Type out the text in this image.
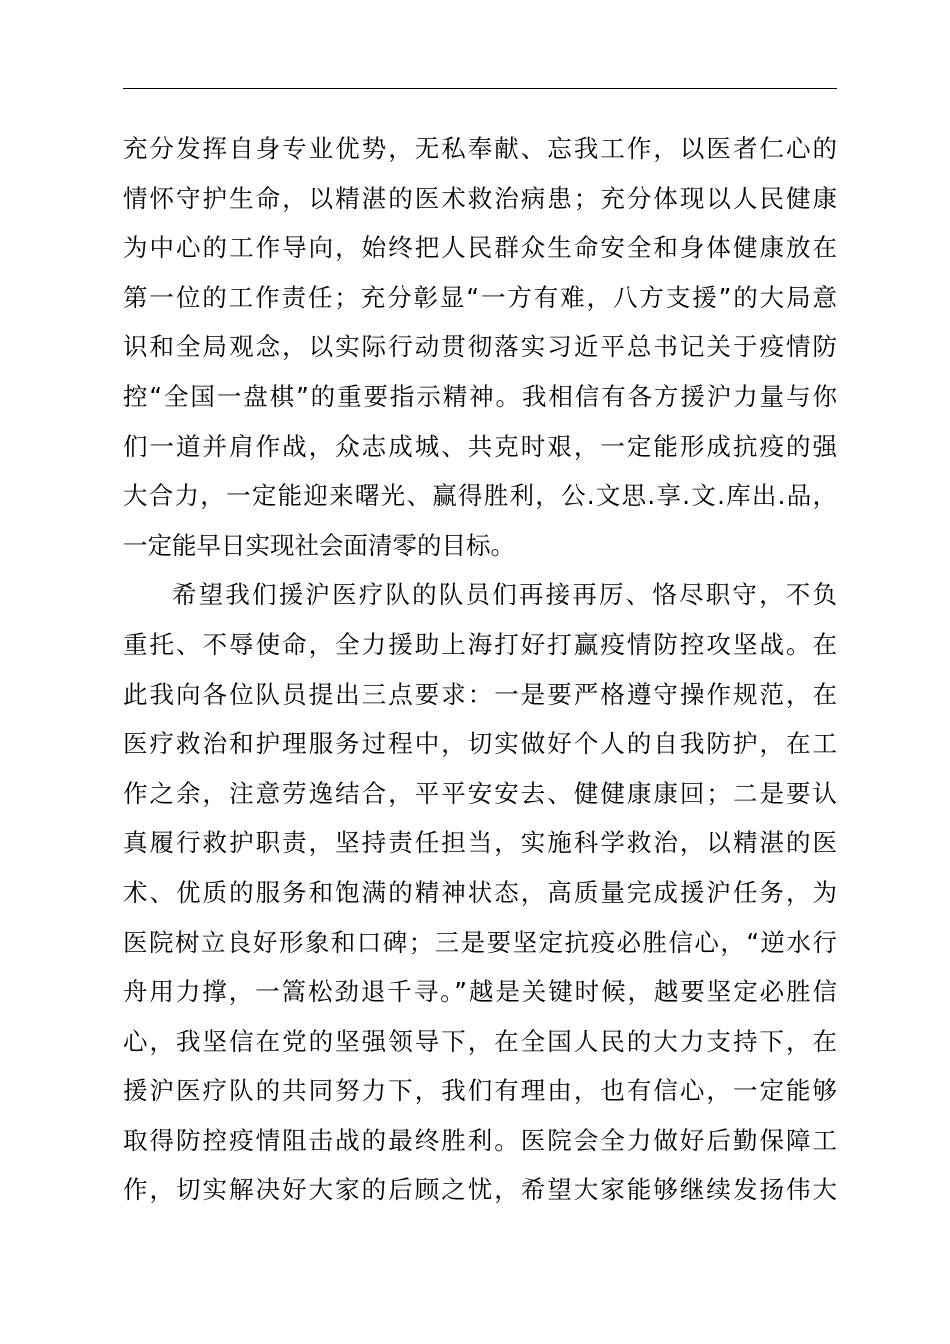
充分发挥自身专业优势，无私奉献、忘我工作，以医者仁心的
情怀守护生命，以精湛的医术救治病患；充分体现以人民健康
为中心的工作导向，始终把人民群众生命安全和身体健康放在
第一位的工作责任；充分彰显“一方有难，八方支援”的大局意
识和全局观念，以实际行动贯彻落实习近平总书记关于疫情防
控“全国一盘棋”的重要指示精神。我相信有各方援沪力量与你
们一道并肩作战，众志成城、共克时艰，一定能形成抗疫的强
大合力，一定能迎来曙光、赢得胜利，公.文思.享.文.库出.品，
一定能早日实现社会面清零的目标。
希望我们援沪医疗队的队员们再接再厉、恪尽职守，不负
重托、不辱使命，全力援助上海打好打赢疫情防控攻坚战。在
此我向各位队员提出三点要求：一是要严格遵守操作规范，在
医疗救治和护理服务过程中，切实做好个人的自我防护，在工
作之余，注意劳逸结合，平平安安去、健健康康回；二是要认
真履行救护职责，坚持责任担当，实施科学救治，以精湛的医
术、优质的服务和饱满的精神状态，高质量完成援沪任务，为
医院树立良好形象和口碑；三是要坚定抗疫必胜信心，“逆水行
舟用力撑，一篙松劲退千寻。”越是关键时候，越要坚定必胜信
心，我坚信在党的坚强领导下，在全国人民的大力支持下，在
援沪医疗队的共同努力下，我们有理由，也有信心，一定能够
取得防控疫情阻击战的最终胜利。医院会全力做好后勤保障工
作，切实解决好大家的后顾之忧，希望大家能够继续发扬伟大
